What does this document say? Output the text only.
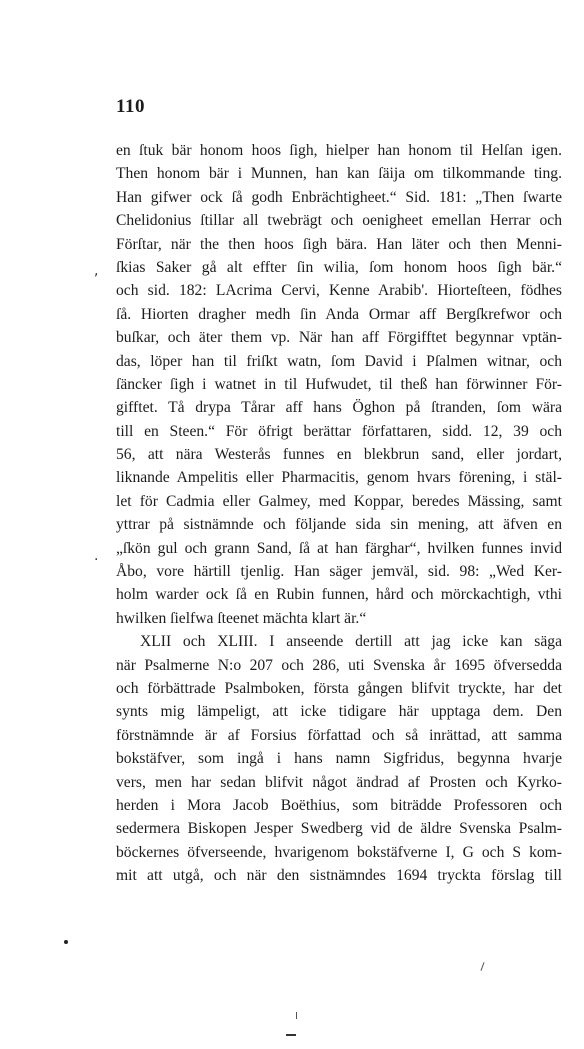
110
en ſtuk bär honom hoos ſigh, hielper han honom til Helſan igen.
Then honom bär i Munnen, han kan ſäija om tilkommande ting.
Han gifwer ock ſå godh Enbrächtigheet.“ Sid. 181: „Then ſwarte
Chelidonius ſtillar all twebrägt och oenigheet emellan Herrar och
Förſtar, när the then hoos ſigh bära. Han läter och then Menni-
ſkias Saker gå alt effter ſin wilia, ſom honom hoos ſigh bär.“
och sid. 182: LAcrima Cervi, Kenne Arabib'. Hiorteſteen, födhes
ſå. Hiorten dragher medh ſin Anda Ormar aff Bergſkrefwor och
buſkar, och äter them vp. När han aff Förgifftet begynnar vptän-
das, löper han til friſkt watn, ſom David i Pſalmen witnar, och
ſäncker ſigh i watnet in til Hufwudet, til theß han förwinner För-
gifftet. Tå drypa Tårar aff hans Öghon på ſtranden, ſom wära
till en Steen.“ För öfrigt berättar författaren, sidd. 12, 39 och
56, att nära Westerås funnes en blekbrun sand, eller jordart,
liknande Ampelitis eller Pharmacitis, genom hvars förening, i stäl-
let för Cadmia eller Galmey, med Koppar, beredes Mässing, samt
yttrar på sistnämnde och följande sida sin mening, att äfven en
„ſkön gul och grann Sand, ſå at han färghar“, hvilken funnes invid
Åbo, vore härtill tjenlig. Han säger jemväl, sid. 98: „Wed Ker-
holm warder ock ſå en Rubin funnen, hård och mörckachtigh, vthi
hwilken ſielfwa ſteenet mächta klart är.“
XLII och XLIII. I anseende dertill att jag icke kan säga
när Psalmerne N:o 207 och 286, uti Svenska år 1695 öfversedda
och förbättrade Psalmboken, första gången blifvit tryckte, har det
synts mig lämpeligt, att icke tidigare här upptaga dem. Den
förstnämnde är af Forsius författad och så inrättad, att samma
bokstäfver, som ingå i hans namn Sigfridus, begynna hvarje
vers, men har sedan blifvit något ändrad af Prosten och Kyrko-
herden i Mora Jacob Boëthius, som biträdde Professoren och
sedermera Biskopen Jesper Swedberg vid de äldre Svenska Psalm-
böckernes öfverseende, hvarigenom bokstäfverne I, G och S kom-
mit att utgå, och när den sistnämndes 1694 tryckta förslag till
,
.
